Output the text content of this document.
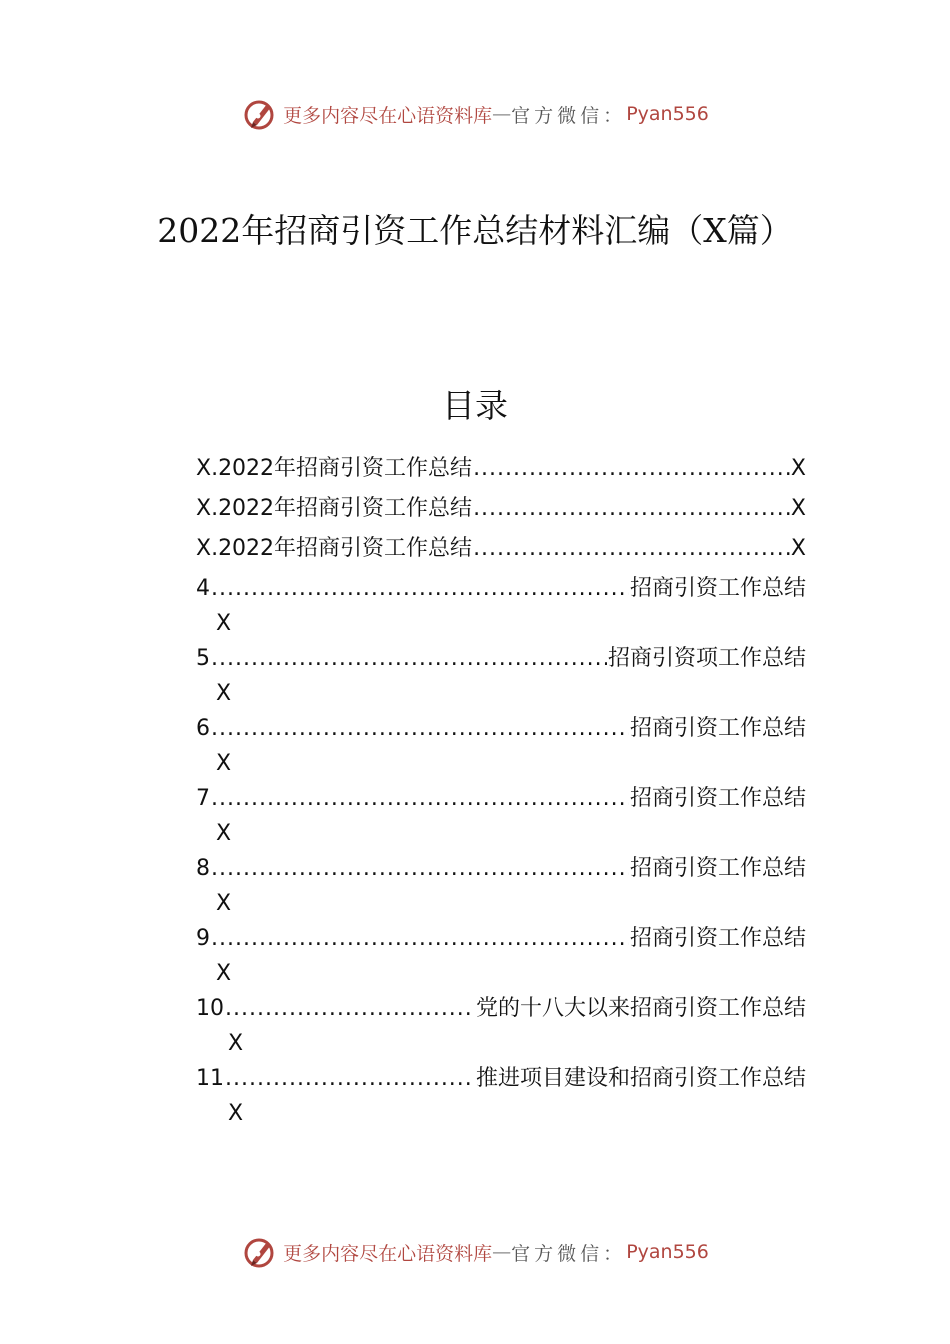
更多内容尽在心语资料库 — 官方微信： Pyan556
2022年招商引资工作总结材料汇编（X篇）
目录
X.2022年招商引资工作总结 .....	X
X.2022年招商引资工作总结 .....	X
X.2022年招商引资工作总结 .....	X
4 .....	招商引资工作总结
X
5 .....	招商引资项工作总结
X
6 .....	招商引资工作总结
X
7 .....	招商引资工作总结
X
8 .....	招商引资工作总结
X
9 .....	招商引资工作总结
X
10 .....	党的十八大以来招商引资工作总结
X
11 .....	推进项目建设和招商引资工作总结
X
更多内容尽在心语资料库 — 官方微信： Pyan556
